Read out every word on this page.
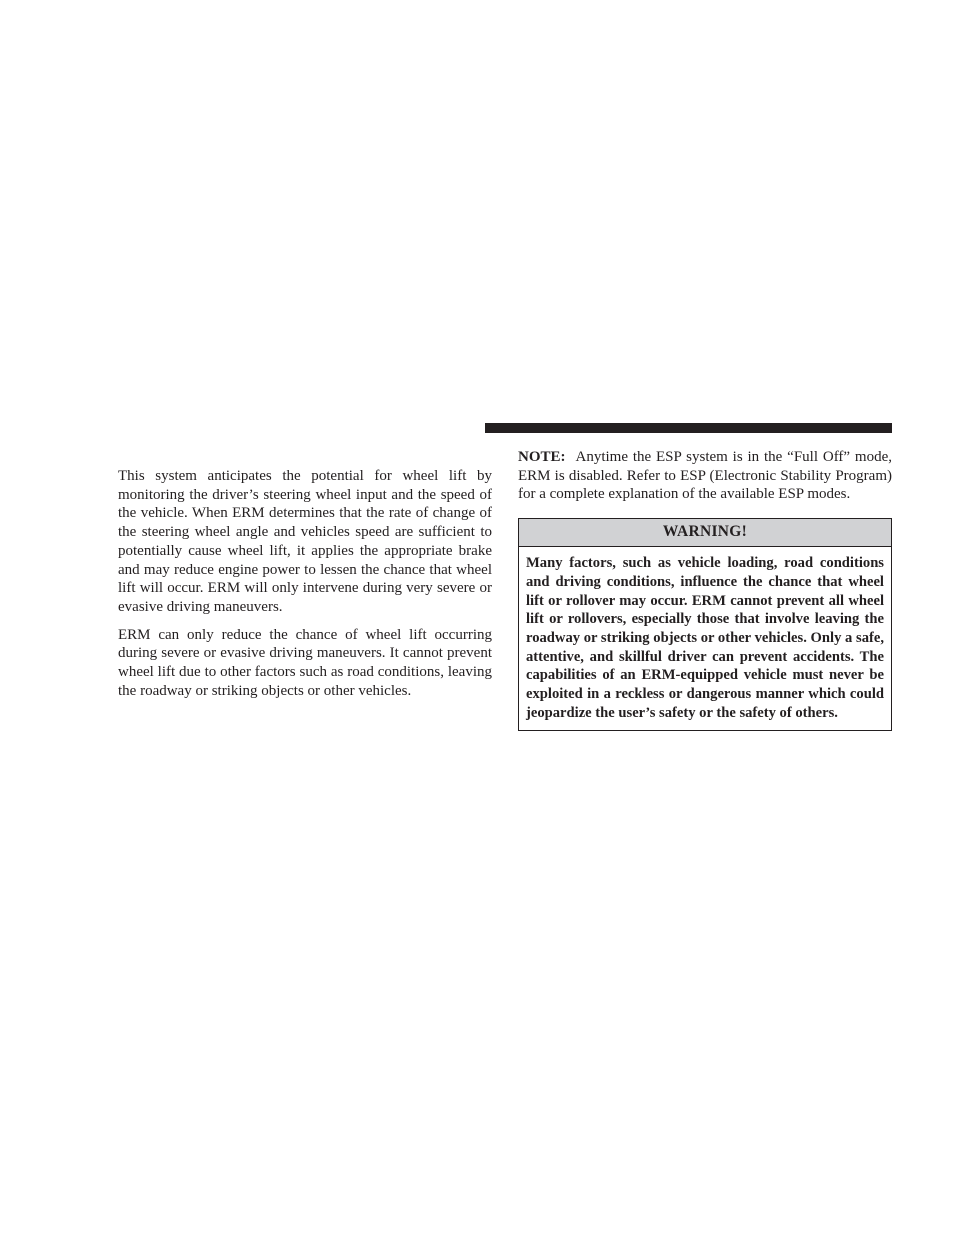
This system anticipates the potential for wheel lift by monitoring the driver’s steering wheel input and the speed of the vehicle. When ERM determines that the rate of change of the steering wheel angle and vehicles speed are sufficient to potentially cause wheel lift, it applies the appropriate brake and may reduce engine power to lessen the chance that wheel lift will occur. ERM will only intervene during very severe or evasive driving maneuvers.

ERM can only reduce the chance of wheel lift occurring during severe or evasive driving maneuvers. It cannot prevent wheel lift due to other factors such as road conditions, leaving the roadway or striking objects or other vehicles.

NOTE: Anytime the ESP system is in the “Full Off” mode, ERM is disabled. Refer to ESP (Electronic Stability Program) for a complete explanation of the available ESP modes.

WARNING!

Many factors, such as vehicle loading, road conditions and driving conditions, influence the chance that wheel lift or rollover may occur. ERM cannot prevent all wheel lift or rollovers, especially those that involve leaving the roadway or striking objects or other vehicles. Only a safe, attentive, and skillful driver can prevent accidents. The capabilities of an ERM-equipped vehicle must never be exploited in a reckless or dangerous manner which could jeopardize the user’s safety or the safety of others.
